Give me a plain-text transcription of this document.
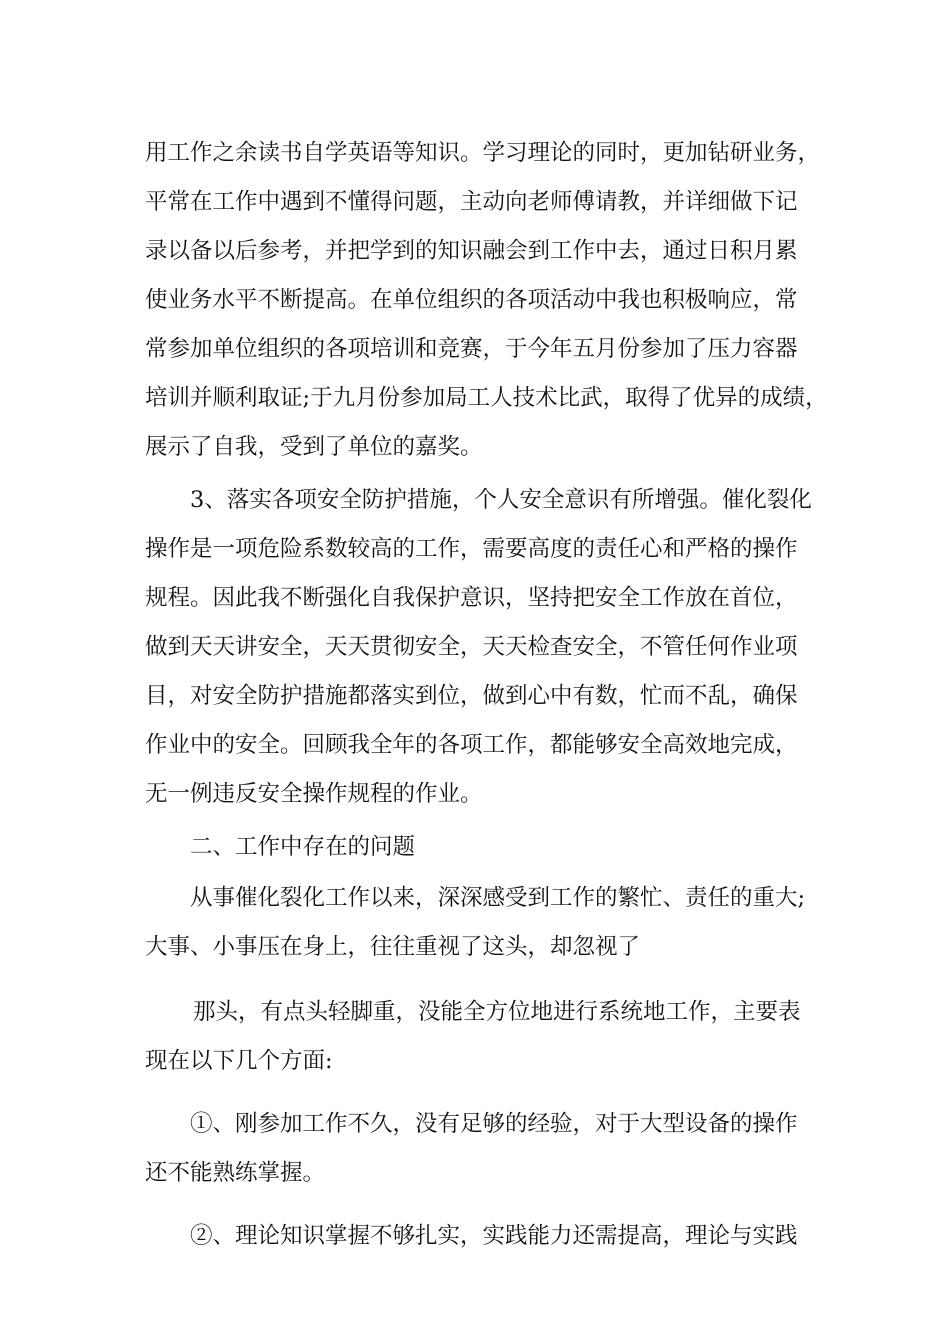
用工作之余读书自学英语等知识。学习理论的同时，更加钻研业务，
平常在工作中遇到不懂得问题，主动向老师傅请教，并详细做下记
录以备以后参考，并把学到的知识融会到工作中去，通过日积月累
使业务水平不断提高。在单位组织的各项活动中我也积极响应，常
常参加单位组织的各项培训和竞赛，于今年五月份参加了压力容器
培训并顺利取证;于九月份参加局工人技术比武，取得了优异的成绩，
展示了自我，受到了单位的嘉奖。
3、落实各项安全防护措施，个人安全意识有所增强。催化裂化
操作是一项危险系数较高的工作，需要高度的责任心和严格的操作
规程。因此我不断强化自我保护意识，坚持把安全工作放在首位，
做到天天讲安全，天天贯彻安全，天天检查安全，不管任何作业项
目，对安全防护措施都落实到位，做到心中有数，忙而不乱，确保
作业中的安全。回顾我全年的各项工作，都能够安全高效地完成，
无一例违反安全操作规程的作业。
二、工作中存在的问题
从事催化裂化工作以来，深深感受到工作的繁忙、责任的重大;
大事、小事压在身上，往往重视了这头，却忽视了
那头，有点头轻脚重，没能全方位地进行系统地工作，主要表
现在以下几个方面:
①、刚参加工作不久，没有足够的经验，对于大型设备的操作
还不能熟练掌握。
②、理论知识掌握不够扎实，实践能力还需提高，理论与实践
